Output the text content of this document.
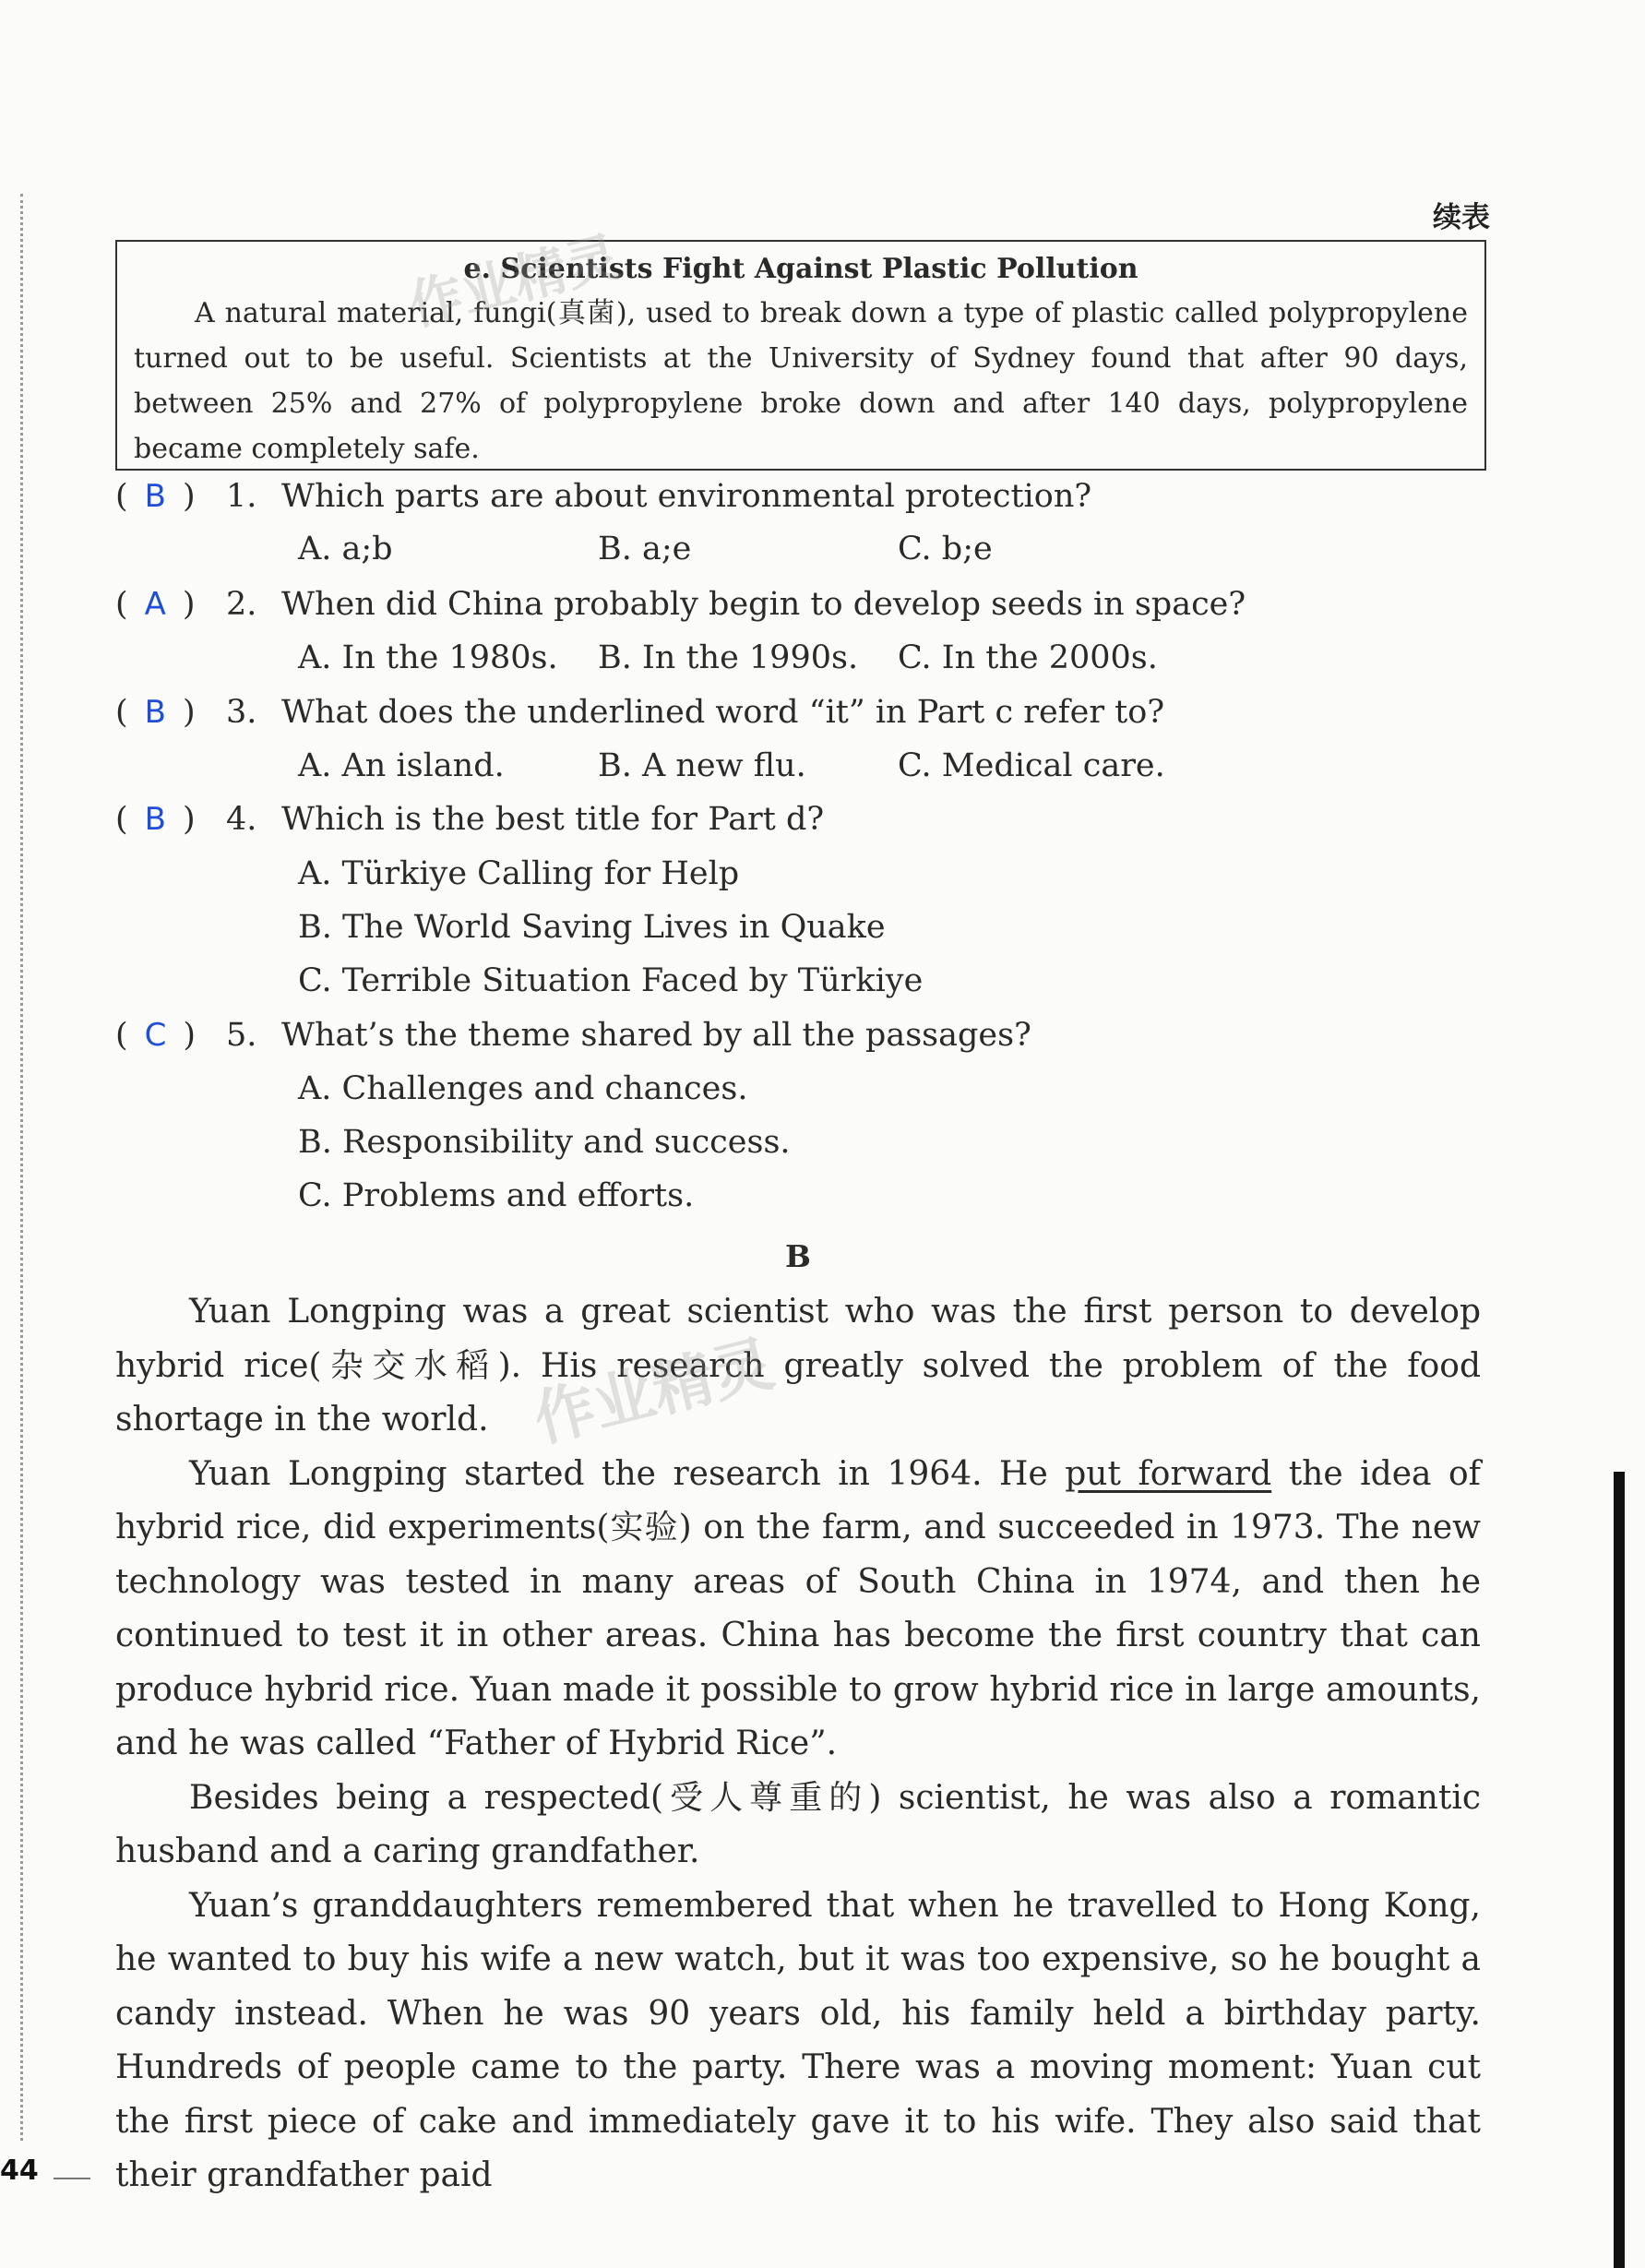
续表
e. Scientists Fight Against Plastic Pollution
A natural material, fungi(真菌), used to break down a type of plastic called polypropylene turned out to be useful. Scientists at the University of Sydney found that after 90 days, between 25% and 27% of polypropylene broke down and after 140 days, polypropylene became completely safe.
( B ) 1. Which parts are about environmental protection?
A. a;b	B. a;e	C. b;e
( A ) 2. When did China probably begin to develop seeds in space?
A. In the 1980s. B. In the 1990s. C. In the 2000s.
( B ) 3. What does the underlined word “it” in Part c refer to?
A. An island.	B. A new flu.	C. Medical care.
( B ) 4. Which is the best title for Part d?
A. Türkiye Calling for Help
B. The World Saving Lives in Quake
C. Terrible Situation Faced by Türkiye
( C ) 5. What’s the theme shared by all the passages?
A. Challenges and chances.
B. Responsibility and success.
C. Problems and efforts.
B

Yuan Longping was a great scientist who was the first person to develop hybrid rice(杂交水稻). His research greatly solved the problem of the food shortage in the world.

Yuan Longping started the research in 1964. He put forward the idea of hybrid rice, did experiments(实验) on the farm, and succeeded in 1973. The new technology was tested in many areas of South China in 1974, and then he continued to test it in other areas. China has become the first country that can produce hybrid rice. Yuan made it possible to grow hybrid rice in large amounts, and he was called “Father of Hybrid Rice”.

Besides being a respected(受人尊重的) scientist, he was also a romantic husband and a caring grandfather.

Yuan’s granddaughters remembered that when he travelled to Hong Kong, he wanted to buy his wife a new watch, but it was too expensive, so he bought a candy instead. When he was 90 years old, his family held a birthday party. Hundreds of people came to the party. There was a moving moment: Yuan cut the first piece of cake and immediately gave it to his wife. They also said that their grandfather paid

作业精灵
作业精灵
44
